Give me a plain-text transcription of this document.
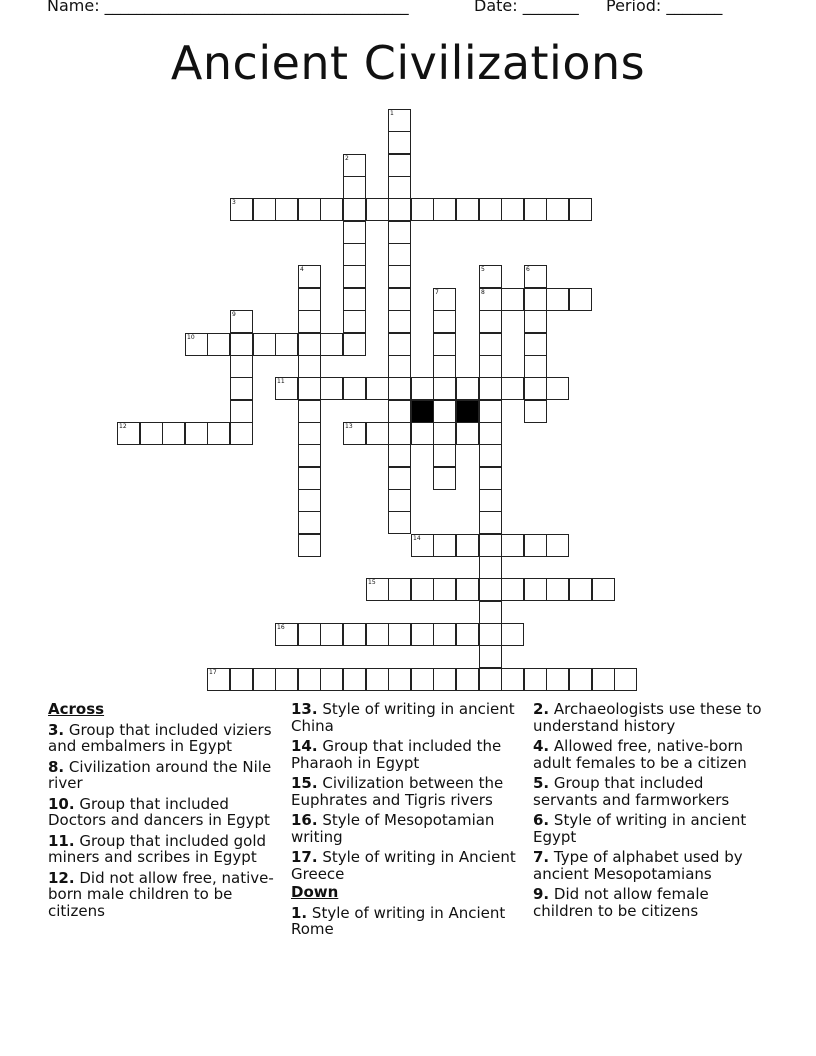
Name: ______________________________________	Date: _______ Period: _______
Ancient Civilizations
1
2
3
4	5
8
6
7
9
10
11
12	13
14
15
16
17
Across
3. Group that included viziers and embalmers in Egypt
8. Civilization around the Nile river
10. Group that included Doctors and dancers in Egypt
11. Group that included gold miners and scribes in Egypt
12. Did not allow free, native-born male children to be citizens
13. Style of writing in ancient China
14. Group that included the Pharaoh in Egypt
15. Civilization between the Euphrates and Tigris rivers
16. Style of Mesopotamian writing
17. Style of writing in Ancient Greece
Down
1. Style of writing in Ancient Rome
2. Archaeologists use these to understand history
4. Allowed free, native-born adult females to be a citizen
5. Group that included servants and farmworkers
6. Style of writing in ancient Egypt
7. Type of alphabet used by ancient Mesopotamians
9. Did not allow female children to be citizens
